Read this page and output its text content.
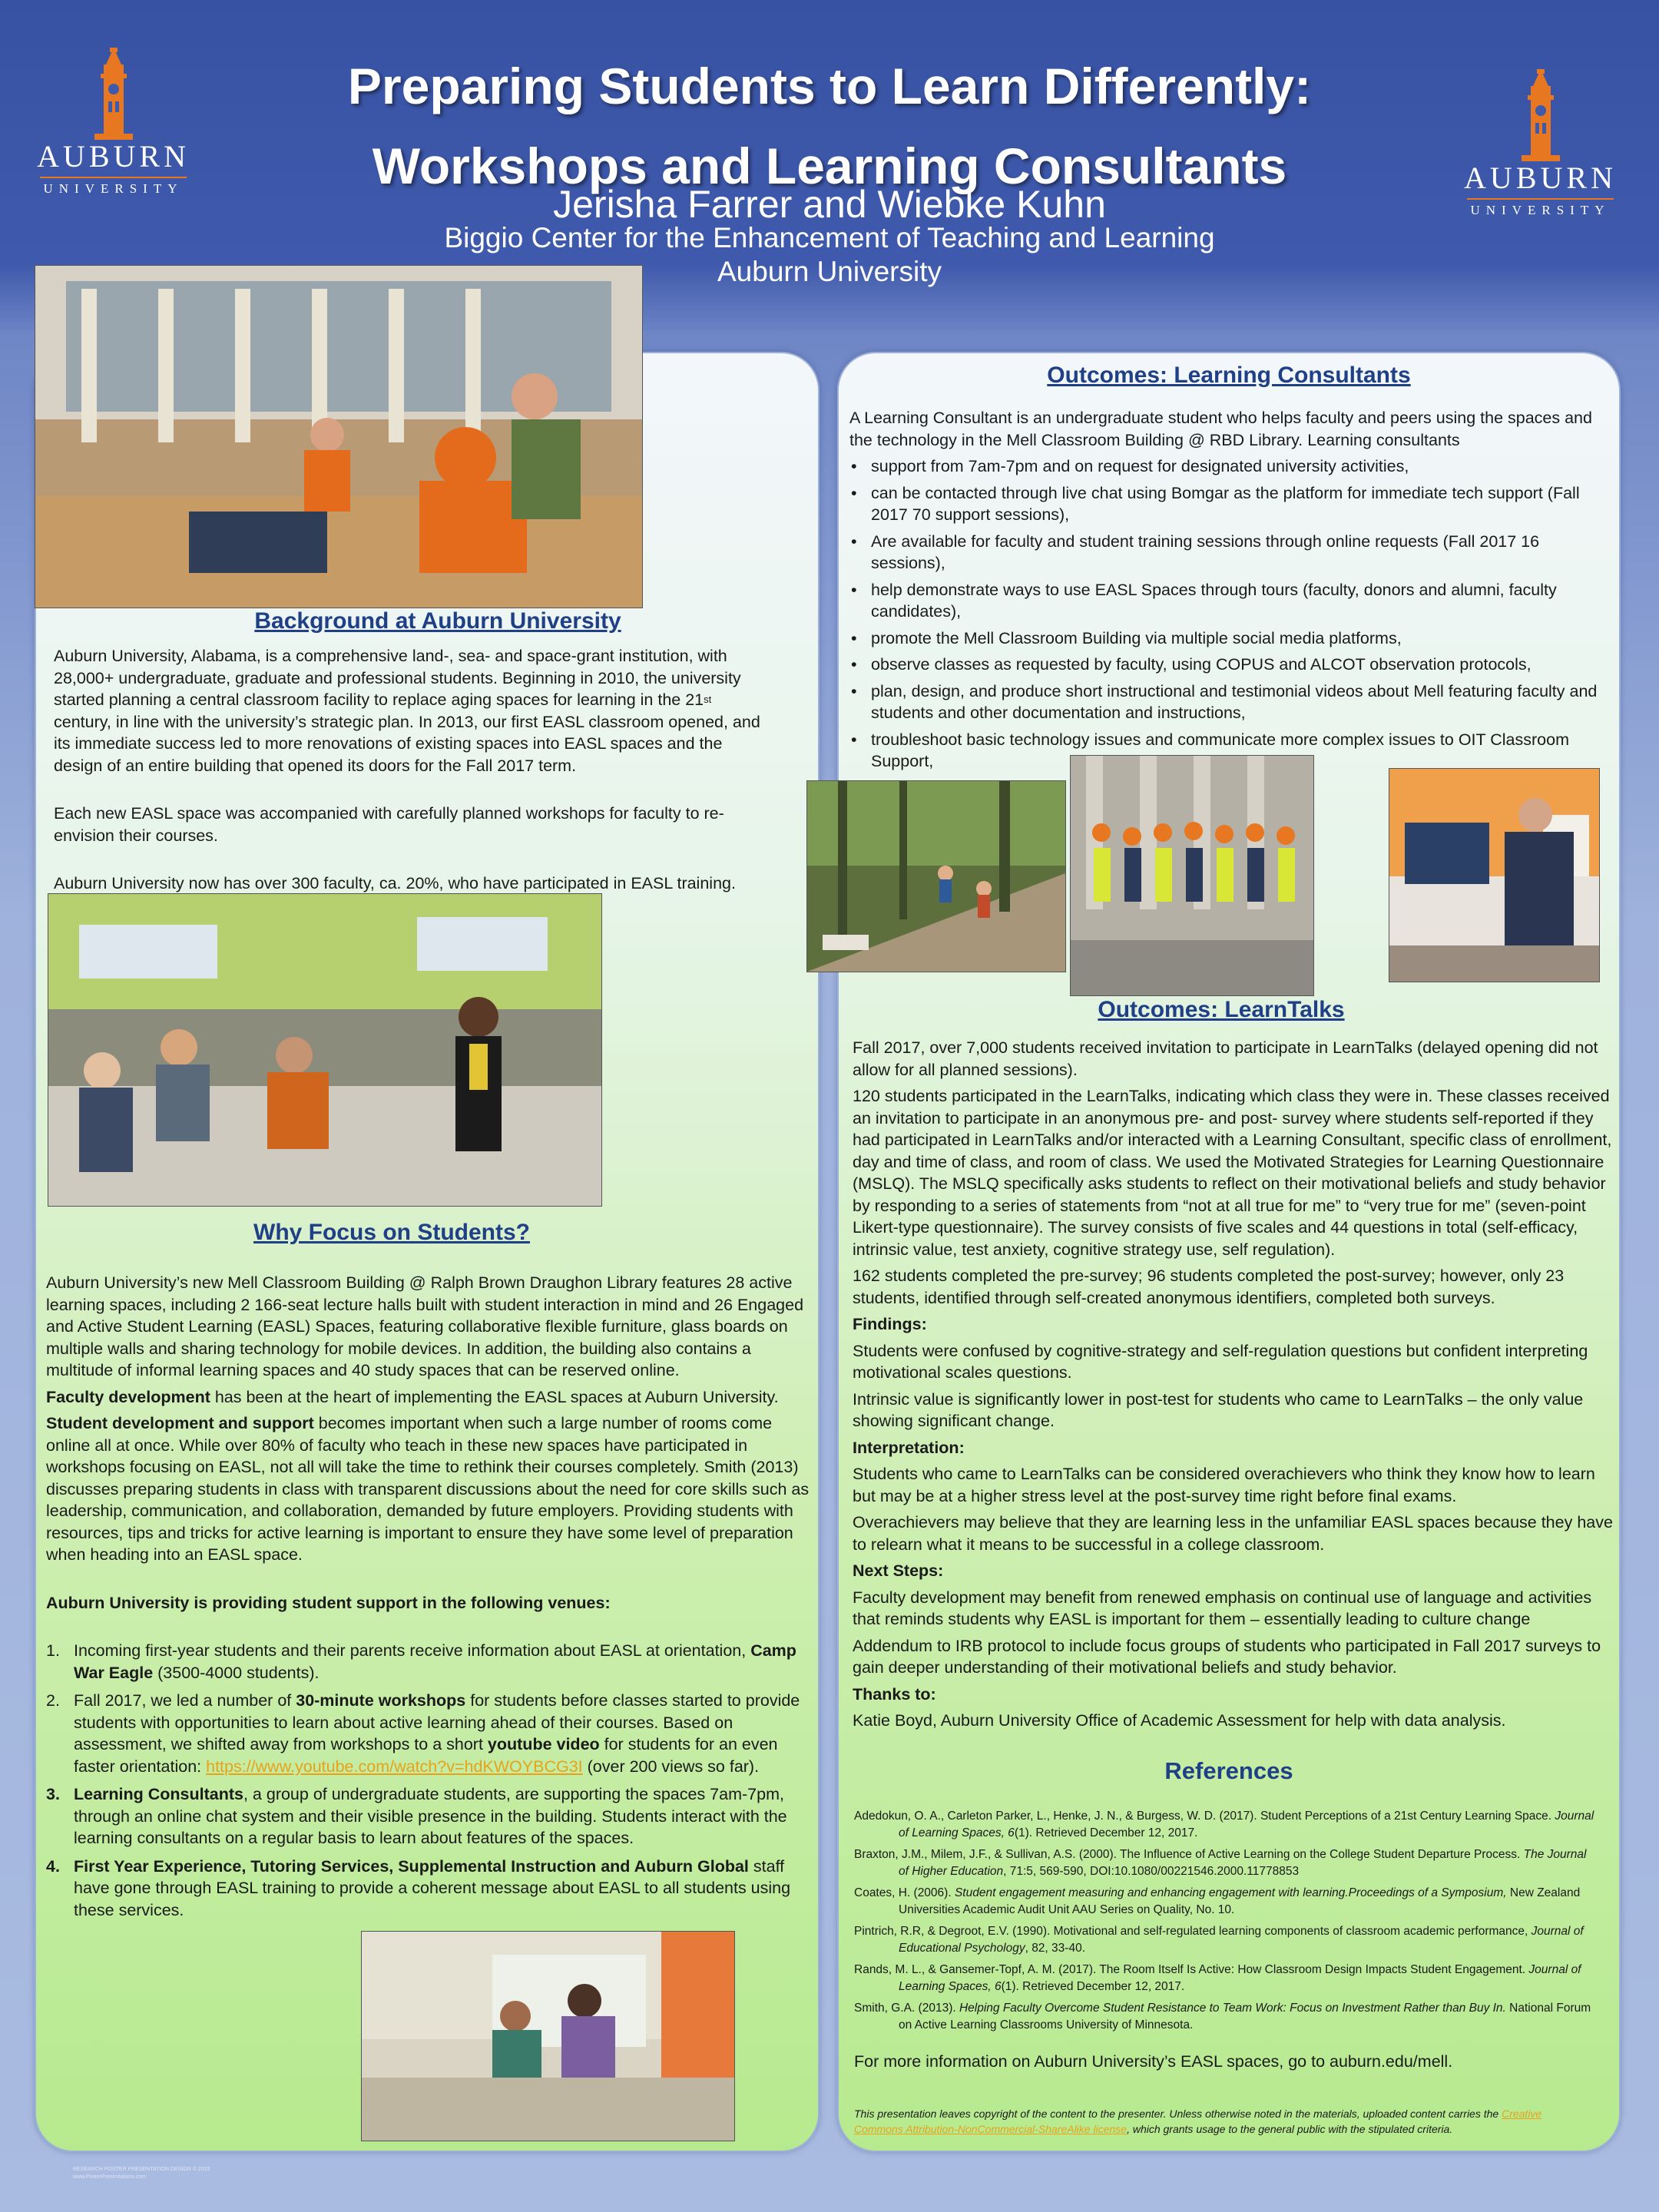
AUBURN
UNIVERSITY	AUBURN
UNIVERSITY
Preparing Students to Learn Differently:
Workshops and Learning Consultants
Jerisha Farrer and Wiebke Kuhn
Biggio Center for the Enhancement of Teaching and Learning
Auburn University
Background at Auburn University

Auburn University, Alabama, is a comprehensive land-, sea- and space-grant institution, with 28,000+ undergraduate, graduate and professional students. Beginning in 2010, the university started planning a central classroom facility to replace aging spaces for learning in the 21st century, in line with the university’s strategic plan. In 2013, our first EASL classroom opened, and its immediate success led to more renovations of existing spaces into EASL spaces and the design of an entire building that opened its doors for the Fall 2017 term.

Each new EASL space was accompanied with carefully planned workshops for faculty to re-envision their courses.

Auburn University now has over 300 faculty, ca. 20%, who have participated in EASL training.

Why Focus on Students?

Auburn University’s new Mell Classroom Building @ Ralph Brown Draughon Library features 28 active learning spaces, including 2 166-seat lecture halls built with student interaction in mind and 26 Engaged and Active Student Learning (EASL) Spaces, featuring collaborative flexible furniture, glass boards on multiple walls and sharing technology for mobile devices. In addition, the building also contains a multitude of informal learning spaces and 40 study spaces that can be reserved online.

Faculty development has been at the heart of implementing the EASL spaces at Auburn University.

Student development and support becomes important when such a large number of rooms come online all at once. While over 80% of faculty who teach in these new spaces have participated in workshops focusing on EASL, not all will take the time to rethink their courses completely. Smith (2013) discusses preparing students in class with transparent discussions about the need for core skills such as leadership, communication, and collaboration, demanded by future employers. Providing students with resources, tips and tricks for active learning is important to ensure they have some level of preparation when heading into an EASL space.

Auburn University is providing student support in the following venues:

1. Incoming first-year students and their parents receive information about EASL at orientation, Camp War Eagle (3500-4000 students).
2. Fall 2017, we led a number of 30-minute workshops for students before classes started to provide students with opportunities to learn about active learning ahead of their courses. Based on assessment, we shifted away from workshops to a short youtube video for students for an even faster orientation: https://www.youtube.com/watch?v=hdKWOYBCG3I (over 200 views so far).
3. Learning Consultants, a group of undergraduate students, are supporting the spaces 7am-7pm, through an online chat system and their visible presence in the building. Students interact with the learning consultants on a regular basis to learn about features of the spaces.
4. First Year Experience, Tutoring Services, Supplemental Instruction and Auburn Global staff have gone through EASL training to provide a coherent message about EASL to all students using these services.
Outcomes: Learning Consultants

A Learning Consultant is an undergraduate student who helps faculty and peers using the spaces and the technology in the Mell Classroom Building @ RBD Library. Learning consultants

• support from 7am-7pm and on request for designated university activities,
• can be contacted through live chat using Bomgar as the platform for immediate tech support (Fall 2017 70 support sessions),
• Are available for faculty and student training sessions through online requests (Fall 2017 16 sessions),
• help demonstrate ways to use EASL Spaces through tours (faculty, donors and alumni, faculty candidates),
• promote the Mell Classroom Building via multiple social media platforms,
• observe classes as requested by faculty, using COPUS and ALCOT observation protocols,
• plan, design, and produce short instructional and testimonial videos about Mell featuring faculty and students and other documentation and instructions,
• troubleshoot basic technology issues and communicate more complex issues to OIT Classroom Support,
Outcomes: LearnTalks

Fall 2017, over 7,000 students received invitation to participate in LearnTalks (delayed opening did not allow for all planned sessions).

120 students participated in the LearnTalks, indicating which class they were in. These classes received an invitation to participate in an anonymous pre- and post- survey where students self-reported if they had participated in LearnTalks and/or interacted with a Learning Consultant, specific class of enrollment, day and time of class, and room of class. We used the Motivated Strategies for Learning Questionnaire (MSLQ). The MSLQ specifically asks students to reflect on their motivational beliefs and study behavior by responding to a series of statements from “not at all true for me” to “very true for me” (seven-point Likert-type questionnaire). The survey consists of five scales and 44 questions in total (self-efficacy, intrinsic value, test anxiety, cognitive strategy use, self regulation).

162 students completed the pre-survey; 96 students completed the post-survey; however, only 23 students, identified through self-created anonymous identifiers, completed both surveys.

Findings:

Students were confused by cognitive-strategy and self-regulation questions but confident interpreting motivational scales questions.

Intrinsic value is significantly lower in post-test for students who came to LearnTalks – the only value showing significant change.

Interpretation:

Students who came to LearnTalks can be considered overachievers who think they know how to learn but may be at a higher stress level at the post-survey time right before final exams.

Overachievers may believe that they are learning less in the unfamiliar EASL spaces because they have to relearn what it means to be successful in a college classroom.

Next Steps:

Faculty development may benefit from renewed emphasis on continual use of language and activities that reminds students why EASL is important for them – essentially leading to culture change

Addendum to IRB protocol to include focus groups of students who participated in Fall 2017 surveys to gain deeper understanding of their motivational beliefs and study behavior.

Thanks to:

Katie Boyd, Auburn University Office of Academic Assessment for help with data analysis.

References

Adedokun, O. A., Carleton Parker, L., Henke, J. N., & Burgess, W. D. (2017). Student Perceptions of a 21st Century Learning Space. Journal of Learning Spaces, 6(1). Retrieved December 12, 2017.

Braxton, J.M., Milem, J.F., & Sullivan, A.S. (2000). The Influence of Active Learning on the College Student Departure Process. The Journal of Higher Education, 71:5, 569-590, DOI:10.1080/00221546.2000.11778853

Coates, H. (2006). Student engagement measuring and enhancing engagement with learning.Proceedings of a Symposium, New Zealand Universities Academic Audit Unit AAU Series on Quality, No. 10.

Pintrich, R.R, & Degroot, E.V. (1990). Motivational and self-regulated learning components of classroom academic performance, Journal of Educational Psychology, 82, 33-40.

Rands, M. L., & Gansemer-Topf, A. M. (2017). The Room Itself Is Active: How Classroom Design Impacts Student Engagement. Journal of Learning Spaces, 6(1). Retrieved December 12, 2017.

Smith, G.A. (2013). Helping Faculty Overcome Student Resistance to Team Work: Focus on Investment Rather than Buy In. National Forum on Active Learning Classrooms University of Minnesota.

For more information on Auburn University’s EASL spaces, go to auburn.edu/mell.
This presentation leaves copyright of the content to the presenter. Unless otherwise noted in the materials, uploaded content carries the Creative Commons Attribution-NonCommercial-ShareAlike license, which grants usage to the general public with the stipulated criteria.
RESEARCH POSTER PRESENTATION DESIGN © 2015
www.PosterPresentations.com
